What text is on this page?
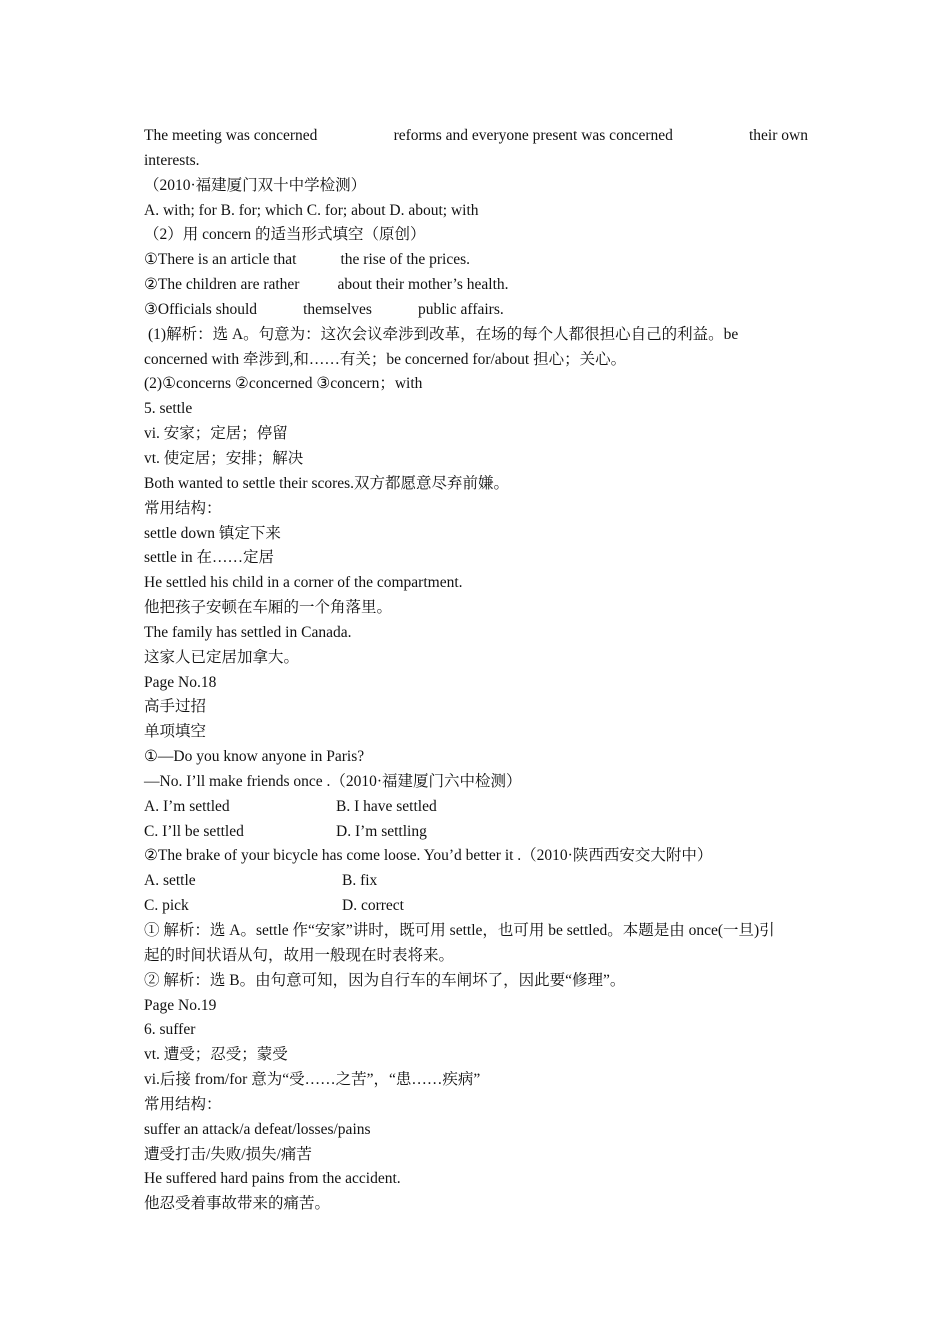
The meeting was concerned	reforms and everyone present was concerned	their own
interests.
（2010·福建厦门双十中学检测）
A. with; for B. for; which C. for; about D. about; with
（2）用 concern 的适当形式填空（原创）
①There is an article that	the rise of the prices.
②The children are rather about their mother’s health.
③Officials should	themselves	public affairs.
(1)解析：选 A。句意为：这次会议牵涉到改革，在场的每个人都很担心自己的利益。be
concerned with 牵涉到,和……有关；be concerned for/about 担心；关心。
(2)①concerns ②concerned ③concern；with
5. settle
vi. 安家；定居；停留
vt. 使定居；安排；解决
Both wanted to settle their scores.双方都愿意尽弃前嫌。
常用结构：
settle down 镇定下来
settle in 在……定居
He settled his child in a corner of the compartment.
他把孩子安顿在车厢的一个角落里。
The family has settled in Canada.
这家人已定居加拿大。
Page No.18
高手过招
单项填空
①—Do you know anyone in Paris?
—No. I’ll make friends once .（2010·福建厦门六中检测）
A. I’m settled	B. I have settled
C. I’ll be settled	D. I’m settling
②The brake of your bicycle has come loose. You’d better it .（2010·陕西西安交大附中）
A. settle	B. fix
C. pick	D. correct
① 解析：选 A。settle 作“安家”讲时，既可用 settle，也可用 be settled。本题是由 once(一旦)引
起的时间状语从句，故用一般现在时表将来。
② 解析：选 B。由句意可知，因为自行车的车闸坏了，因此要“修理”。
Page No.19
6. suffer
vt. 遭受；忍受；蒙受
vi.后接 from/for 意为“受……之苦”，“患……疾病”
常用结构：
suffer an attack/a defeat/losses/pains
遭受打击/失败/损失/痛苦
He suffered hard pains from the accident.
他忍受着事故带来的痛苦。
